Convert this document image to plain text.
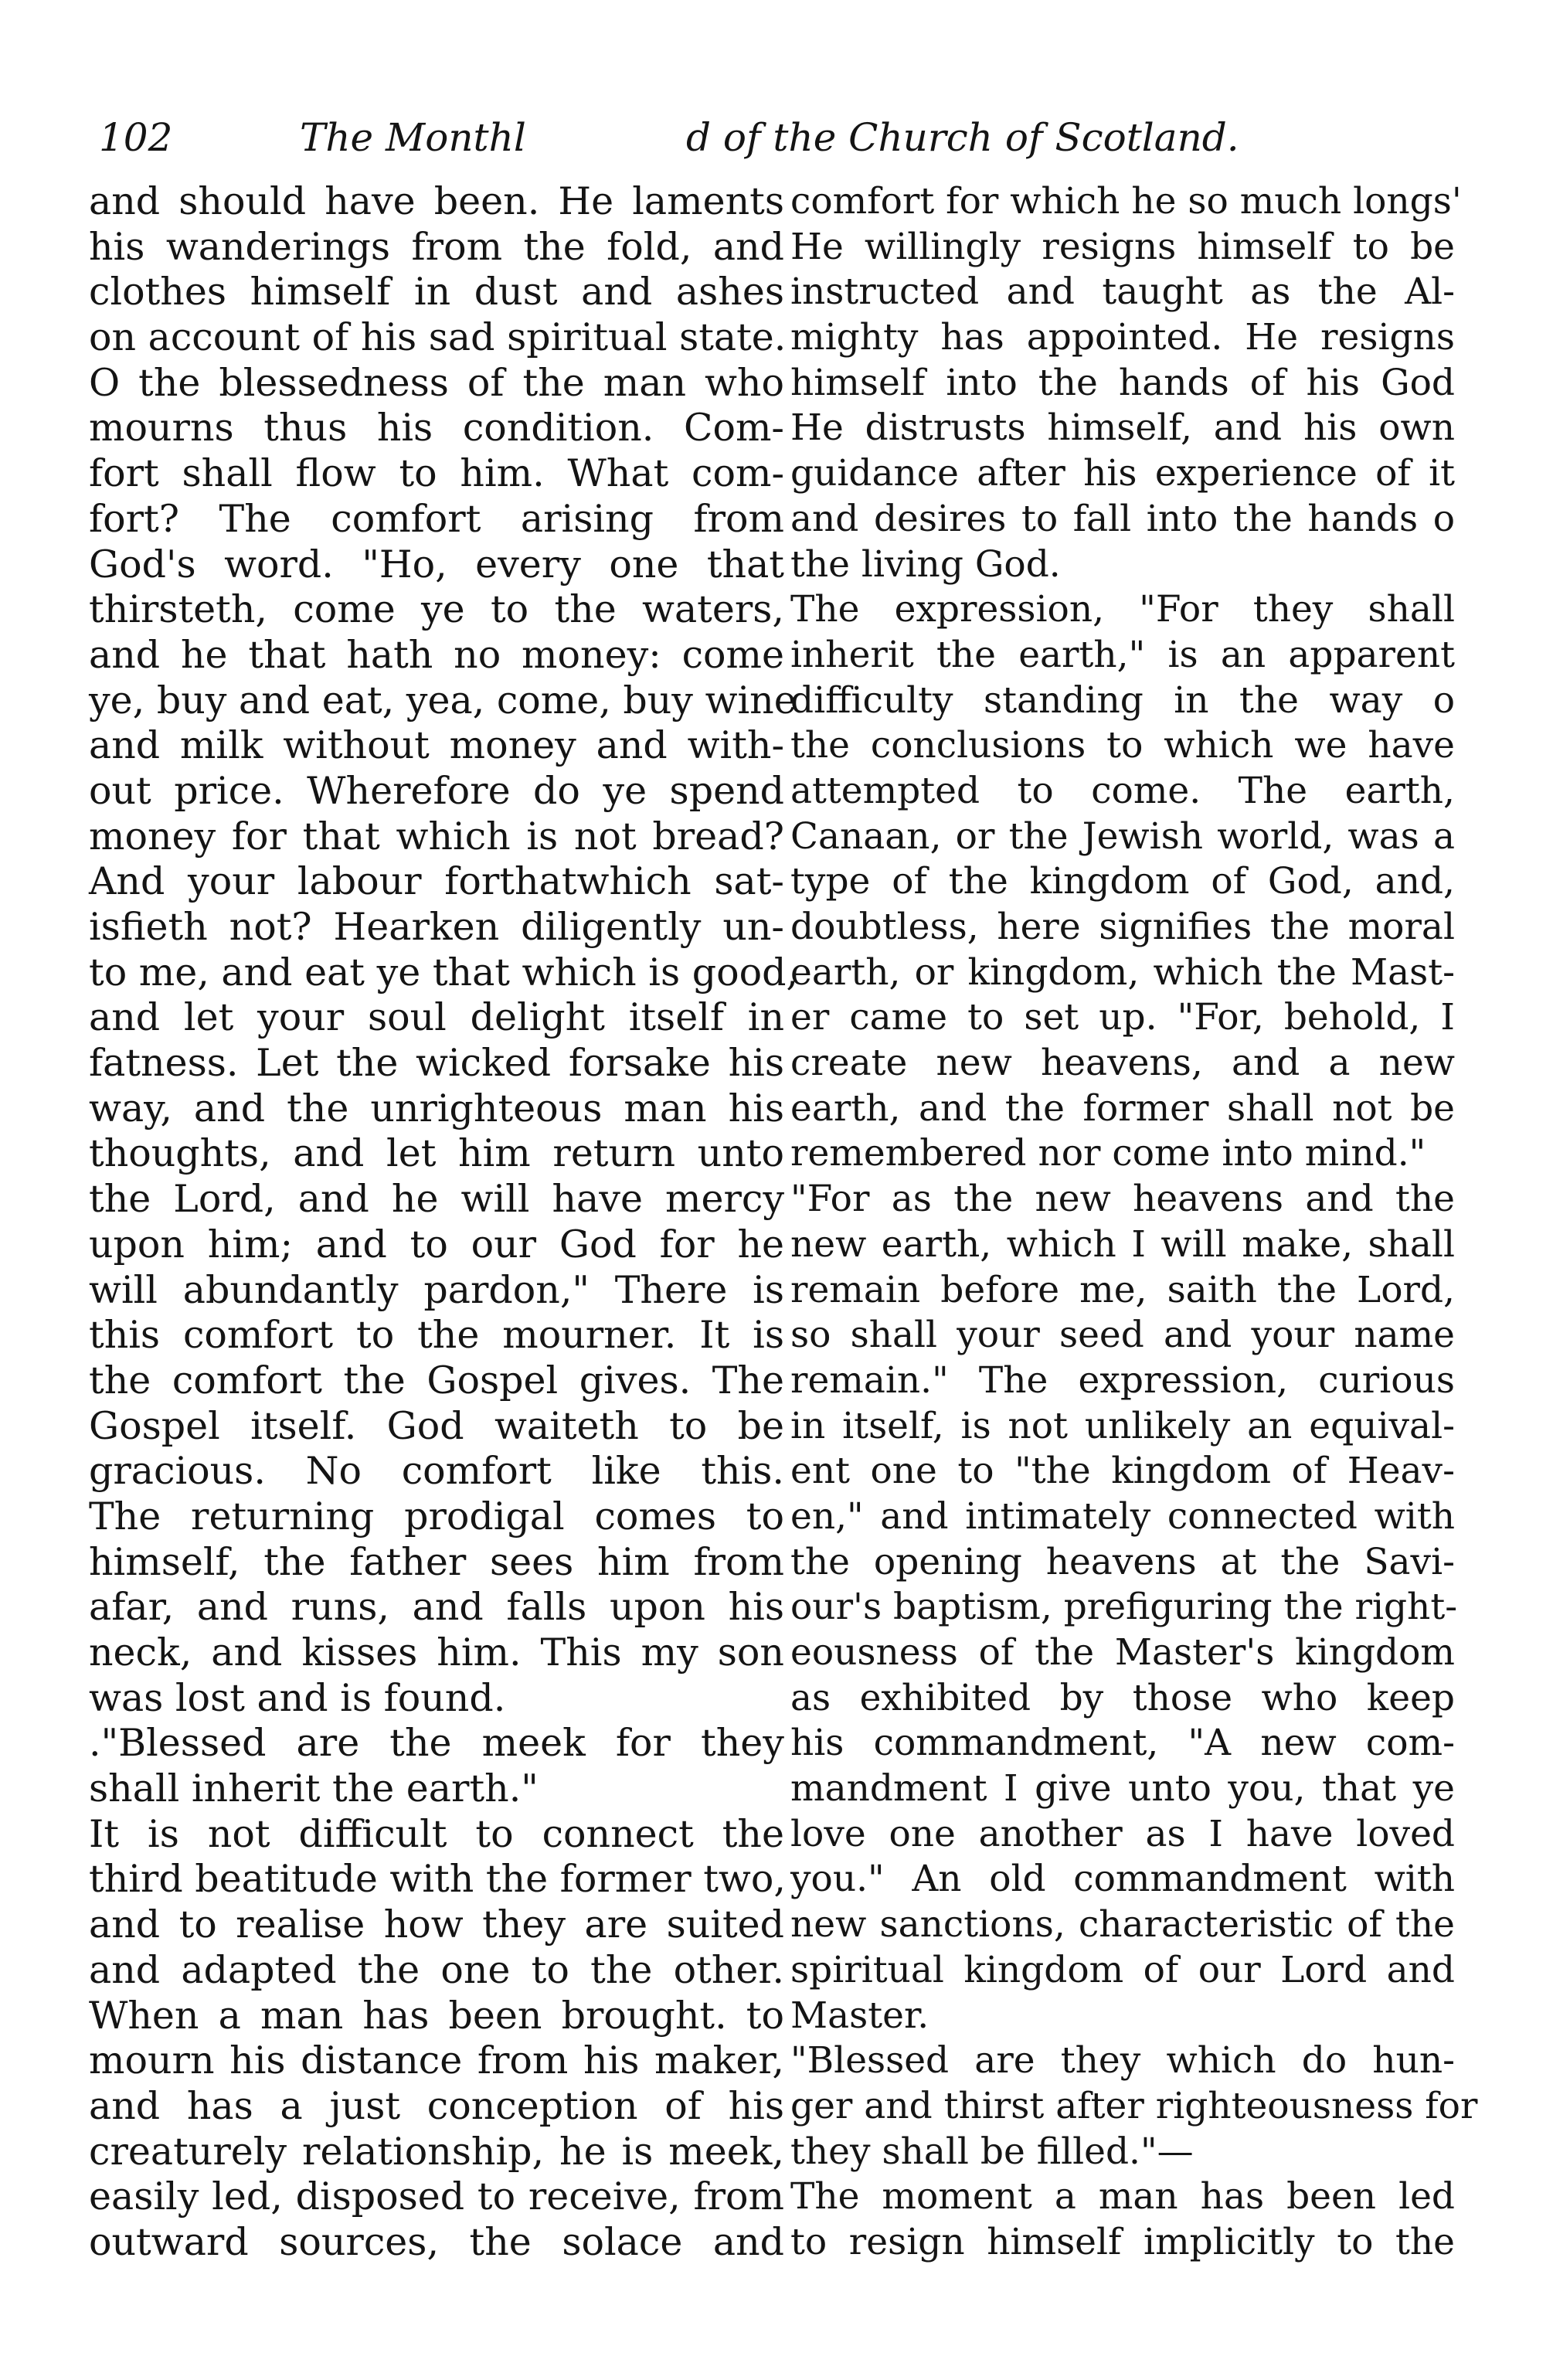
102	The Monthl	d of the Church of Scotland.
and should have been. He laments
his wanderings from the fold, and
clothes himself in dust and ashes
on account of his sad spiritual state.
O the blessedness of the man who
mourns thus his condition. Com-
fort shall flow to him. What com-
fort? The comfort arising from
God's word. "Ho, every one that
thirsteth, come ye to the waters,
and he that hath no money: come
ye, buy and eat, yea, come, buy wine
and milk without money and with-
out price. Wherefore do ye spend
money for that which is not bread?
And your labour forthatwhich sat-
isfieth not? Hearken diligently un-
to me, and eat ye that which is good,
and let your soul delight itself in
fatness. Let the wicked forsake his
way, and the unrighteous man his
thoughts, and let him return unto
the Lord, and he will have mercy
upon him; and to our God for he
will abundantly pardon," There is
this comfort to the mourner. It is
the comfort the Gospel gives. The
Gospel itself. God waiteth to be
gracious. No comfort like this.
The returning prodigal comes to
himself, the father sees him from
afar, and runs, and falls upon his
neck, and kisses him. This my son
was lost and is found.
."Blessed are the meek for they
shall inherit the earth."
It is not difficult to connect the
third beatitude with the former two,
and to realise how they are suited
and adapted the one to the other.
When a man has been brought. to
mourn his distance from his maker,
and has a just conception of his
creaturely relationship, he is meek,
easily led, disposed to receive, from
outward sources, the solace and
comfort for which he so much longs'
He willingly resigns himself to be
instructed and taught as the Al-
mighty has appointed. He resigns
himself into the hands of his God
He distrusts himself, and his own
guidance after his experience of it
and desires to fall into the hands o
the living God.
The expression, "For they shall
inherit the earth," is an apparent
difficulty standing in the way o
the conclusions to which we have
attempted to come. The earth,
Canaan, or the Jewish world, was a
type of the kingdom of God, and,
doubtless, here signifies the moral
earth, or kingdom, which the Mast-
er came to set up. "For, behold, I
create new heavens, and a new
earth, and the former shall not be
remembered nor come into mind."
"For as the new heavens and the
new earth, which I will make, shall
remain before me, saith the Lord,
so shall your seed and your name
remain." The expression, curious
in itself, is not unlikely an equival-
ent one to "the kingdom of Heav-
en," and intimately connected with
the opening heavens at the Savi-
our's baptism, prefiguring the right-
eousness of the Master's kingdom
as exhibited by those who keep
his commandment, "A new com-
mandment I give unto you, that ye
love one another as I have loved
you." An old commandment with
new sanctions, characteristic of the
spiritual kingdom of our Lord and
Master.
"Blessed are they which do hun-
ger and thirst after righteousness for
they shall be filled."—
The moment a man has been led
to resign himself implicitly to the
